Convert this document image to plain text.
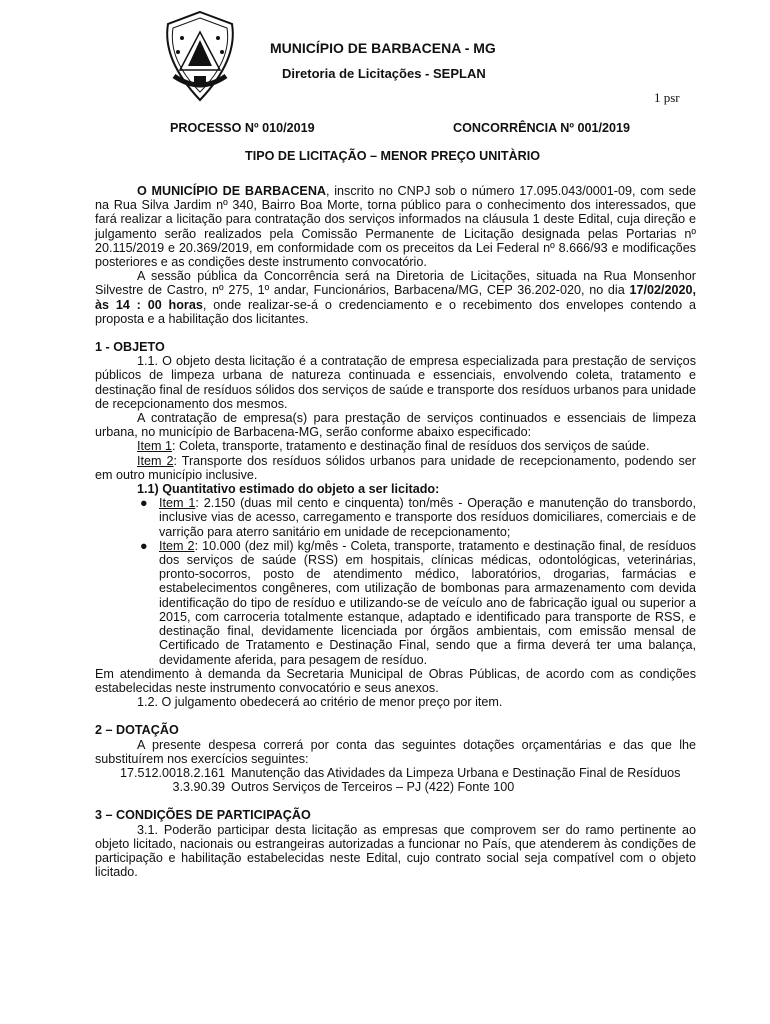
MUNICÍPIO DE BARBACENA - MG
Diretoria de Licitações - SEPLAN
1 psr
PROCESSO Nº 010/2019	CONCORRÊNCIA Nº 001/2019
TIPO DE LICITAÇÃO – MENOR PREÇO UNITÀRIO

O MUNICÍPIO DE BARBACENA, inscrito no CNPJ sob o número 17.095.043/0001-09, com sede na Rua Silva Jardim nº 340, Bairro Boa Morte, torna público para o conhecimento dos interessados, que fará realizar a licitação para contratação dos serviços informados na cláusula 1 deste Edital, cuja direção e julgamento serão realizados pela Comissão Permanente de Licitação designada pelas Portarias nº 20.115/2019 e 20.369/2019, em conformidade com os preceitos da Lei Federal nº 8.666/93 e modificações posteriores e as condições deste instrumento convocatório.

A sessão pública da Concorrência será na Diretoria de Licitações, situada na Rua Monsenhor Silvestre de Castro, nº 275, 1º andar, Funcionários, Barbacena/MG, CEP 36.202-020, no dia 17/02/2020, às 14 : 00 horas, onde realizar-se-á o credenciamento e o recebimento dos envelopes contendo a proposta e a habilitação dos licitantes.

1 - OBJETO

1.1. O objeto desta licitação é a contratação de empresa especializada para prestação de serviços públicos de limpeza urbana de natureza continuada e essenciais, envolvendo coleta, tratamento e destinação final de resíduos sólidos dos serviços de saúde e transporte dos resíduos urbanos para unidade de recepcionamento dos mesmos.

A contratação de empresa(s) para prestação de serviços continuados e essenciais de limpeza urbana, no município de Barbacena-MG, serão conforme abaixo especificado:

Item 1: Coleta, transporte, tratamento e destinação final de resíduos dos serviços de saúde.

Item 2: Transporte dos resíduos sólidos urbanos para unidade de recepcionamento, podendo ser em outro município inclusive.

1.1) Quantitativo estimado do objeto a ser licitado:
● Item 1: 2.150 (duas mil cento e cinquenta) ton/mês - Operação e manutenção do transbordo, inclusive vias de acesso, carregamento e transporte dos resíduos domiciliares, comerciais e de varrição para aterro sanitário em unidade de recepcionamento;
● Item 2: 10.000 (dez mil) kg/mês - Coleta, transporte, tratamento e destinação final, de resíduos dos serviços de saúde (RSS) em hospitais, clínicas médicas, odontológicas, veterinárias, pronto-socorros, posto de atendimento médico, laboratórios, drogarias, farmácias e estabelecimentos congêneres, com utilização de bombonas para armazenamento com devida identificação do tipo de resíduo e utilizando-se de veículo ano de fabricação igual ou superior a 2015, com carroceria totalmente estanque, adaptado e identificado para transporte de RSS, e destinação final, devidamente licenciada por órgãos ambientais, com emissão mensal de Certificado de Tratamento e Destinação Final, sendo que a firma deverá ter uma balança, devidamente aferida, para pesagem de resíduo.

Em atendimento à demanda da Secretaria Municipal de Obras Públicas, de acordo com as condições estabelecidas neste instrumento convocatório e seus anexos.

1.2. O julgamento obedecerá ao critério de menor preço por item.

2 – DOTAÇÃO

A presente despesa correrá por conta das seguintes dotações orçamentárias e das que lhe substituírem nos exercícios seguintes:

17.512.0018.2.161 Manutenção das Atividades da Limpeza Urbana e Destinação Final de Resíduos
3.3.90.39 Outros Serviços de Terceiros – PJ (422) Fonte 100
3 – CONDIÇÕES DE PARTICIPAÇÃO

3.1. Poderão participar desta licitação as empresas que comprovem ser do ramo pertinente ao objeto licitado, nacionais ou estrangeiras autorizadas a funcionar no País, que atenderem às condições de participação e habilitação estabelecidas neste Edital, cujo contrato social seja compatível com o objeto licitado.
